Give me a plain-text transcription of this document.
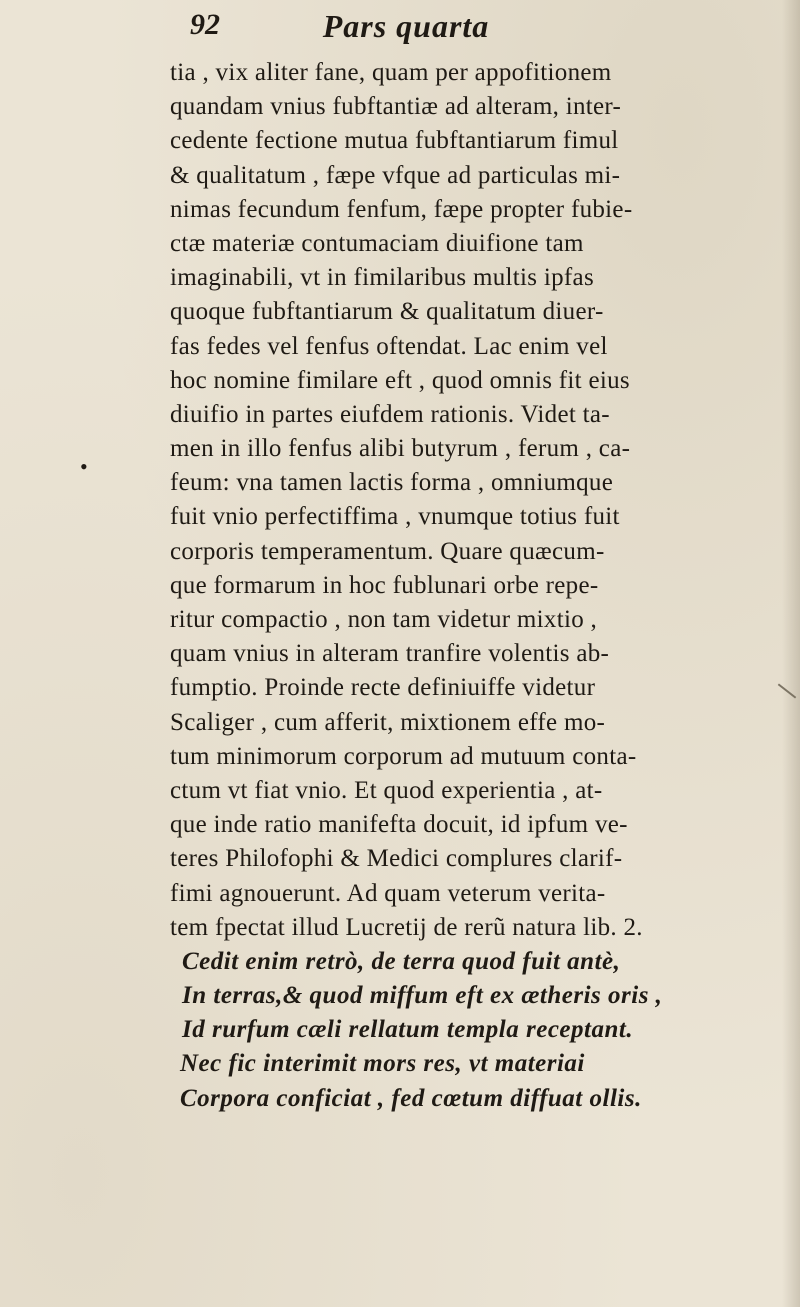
92	Pars quarta
•
tia , vix aliter fane, quam per appofitionem
quandam vnius fubftantiæ ad alteram, inter-
cedente fectione mutua fubftantiarum fimul
& qualitatum , fæpe vfque ad particulas mi-
nimas fecundum fenfum, fæpe propter fubie-
ctæ materiæ contumaciam diuifione tam
imaginabili, vt in fimilaribus multis ipfas
quoque fubftantiarum & qualitatum diuer-
fas fedes vel fenfus oftendat. Lac enim vel
hoc nomine fimilare eft , quod omnis fit eius
diuifio in partes eiufdem rationis. Videt ta-
men in illo fenfus alibi butyrum , ferum , ca-
feum: vna tamen lactis forma , omniumque
fuit vnio perfectiffima , vnumque totius fuit
corporis temperamentum. Quare quæcum-
que formarum in hoc fublunari orbe repe-
ritur compactio , non tam videtur mixtio ,
quam vnius in alteram tranfire volentis ab-
fumptio. Proinde recte definiuiffe videtur
Scaliger , cum afferit, mixtionem effe mo-
tum minimorum corporum ad mutuum conta-
ctum vt fiat vnio. Et quod experientia , at-
que inde ratio manifefta docuit, id ipfum ve-
teres Philofophi & Medici complures clarif-
fimi agnouerunt. Ad quam veterum verita-
tem fpectat illud Lucretij de rerũ natura lib. 2.
Cedit enim retrò, de terra quod fuit antè,
In terras,& quod miffum eft ex ætheris oris ,
Id rurfum cæli rellatum templa receptant.
Nec fic interimit mors res, vt materiai
Corpora conficiat , fed cœtum diffuat ollis.
